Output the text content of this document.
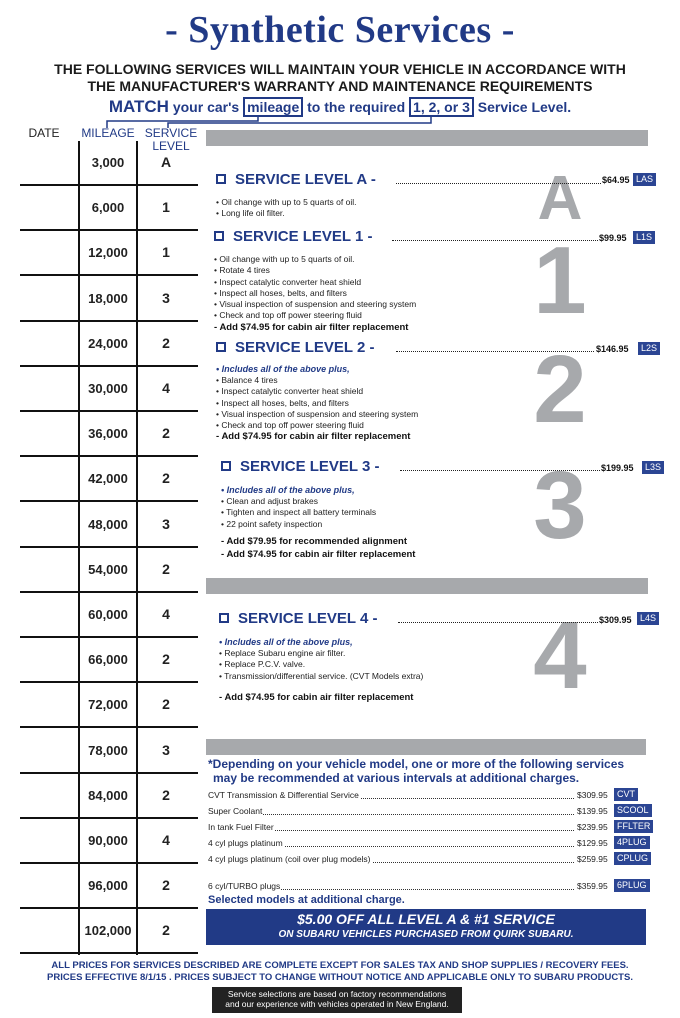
- Synthetic Services -
THE FOLLOWING SERVICES WILL MAINTAIN YOUR VEHICLE IN ACCORDANCE WITH
THE MANUFACTURER'S WARRANTY AND MAINTENANCE REQUIREMENTS
MATCH your car's mileage to the required 1, 2, or 3 Service Level.
DATE	MILEAGE SERVICE
LEVEL
3,000	A
6,000	1
12,000	1
18,000	3
24,000	2
30,000	4
36,000	2
42,000	2
48,000	3
54,000	2
60,000	4
66,000	2
72,000	2
78,000	3
84,000	2
90,000	4
96,000	2
102,000	2
A
1
2
3
4
SERVICE LEVEL A -	$64.95 LAS
• Oil change with up to 5 quarts of oil.
• Long life oil filter.
SERVICE LEVEL 1 -	$99.95	L1S
• Oil change with up to 5 quarts of oil.
• Rotate 4 tires
• Inspect catalytic converter heat shield
• Inspect all hoses, belts, and filters
• Visual inspection of suspension and steering system
• Check and top off power steering fluid
- Add $74.95 for cabin air filter replacement
SERVICE LEVEL 2 -	$146.95	L2S
• Includes all of the above plus,
• Balance 4 tires
• Inspect catalytic converter heat shield
• Inspect all hoses, belts, and filters
• Visual inspection of suspension and steering system
• Check and top off power steering fluid
- Add $74.95 for cabin air filter replacement
SERVICE LEVEL 3 -	$199.95	L3S
• Includes all of the above plus,
• Clean and adjust brakes
• Tighten and inspect all battery terminals
• 22 point safety inspection
- Add $79.95 for recommended alignment
- Add $74.95 for cabin air filter replacement
SERVICE LEVEL 4 -	$309.95 L4S
• Includes all of the above plus,
• Replace Subaru engine air filter.
• Replace P.C.V. valve.
• Transmission/differential service. (CVT Models extra)
- Add $74.95 for cabin air filter replacement
*Depending on your vehicle model, one or more of the following services
may be recommended at various intervals at additional charges.
CVT Transmission & Differential Service	$309.95	CVT
Super Coolant	$139.95	SCOOL
In tank Fuel Filter	$239.95	FFLTER
4 cyl plugs platinum	$129.95	4PLUG
4 cyl plugs platinum (coil over plug models)	$259.95	CPLUG
6 cyl/TURBO plugs	$359.95	6PLUG
Selected models at additional charge.
$5.00 OFF ALL LEVEL A & #1 SERVICE
ON SUBARU VEHICLES PURCHASED FROM QUIRK SUBARU.
ALL PRICES FOR SERVICES DESCRIBED ARE COMPLETE EXCEPT FOR SALES TAX AND SHOP SUPPLIES / RECOVERY FEES.
PRICES EFFECTIVE 8/1/15 . PRICES SUBJECT TO CHANGE WITHOUT NOTICE AND APPLICABLE ONLY TO SUBARU PRODUCTS.
Service selections are based on factory recommendations
and our experience with vehicles operated in New England.
